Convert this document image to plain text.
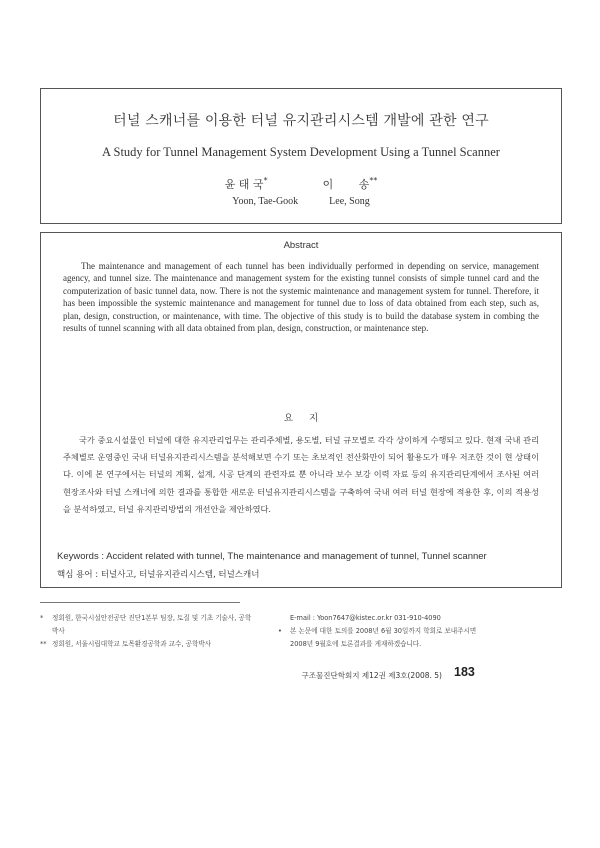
터널 스캐너를 이용한 터널 유지관리시스템 개발에 관한 연구
A Study for Tunnel Management System Development Using a Tunnel Scanner
윤 태 국*	이 송**
Yoon, Tae-Gook	Lee, Song
Abstract
The maintenance and management of each tunnel has been individually performed in depending on service, management agency, and tunnel size. The maintenance and management system for the existing tunnel consists of simple tunnel card and the computerization of basic tunnel data, now. There is not the systemic maintenance and management system for tunnel. Therefore, it has been impossible the systemic maintenance and management for tunnel due to loss of data obtained from each step, such as, plan, design, construction, or maintenance, with time. The objective of this study is to build the database system in combing the results of tunnel scanning with all data obtained from plan, design, construction, or maintenance step.
요지
국가 중요시설물인 터널에 대한 유지관리업무는 관리주체별, 용도별, 터널 규모별로 각각 상이하게 수행되고 있다. 현재 국내 관리주체별로 운영중인 국내 터널유지관리시스템을 분석해보면 수기 또는 초보적인 전산화만이 되어 활용도가 매우 저조한 것이 현 상태이다. 이에 본 연구에서는 터널의 계획, 설계, 시공 단계의 관련자료 뿐 아니라 보수 보강 이력 자료 등의 유지관리단계에서 조사된 여러 현장조사와 터널 스캐너에 의한 결과를 통합한 새로운 터널유지관리시스템을 구축하여 국내 여러 터널 현장에 적용한 후, 이의 적용성을 분석하였고, 터널 유지관리방법의 개선안을 제안하였다.
Keywords : Accident related with tunnel, The maintenance and management of tunnel, Tunnel scanner
핵심 용어 : 터널사고, 터널유지관리시스템, 터널스캐너
* 정회원, 한국시설안전공단 진단1본부 팀장, 토질 및 기초 기술사, 공학박사
** 정회원, 서울시립대학교 토목환경공학과 교수, 공학박사
E-mail : Yoon7647@kistec.or.kr 031-910-4090
• 본 논문에 대한 토의를 2008년 6월 30일까지 학회로 보내주시면 2008년 9월호에 토론결과를 게재하겠습니다.
구조물진단학회지 제12권 제3호(2008. 5) 183
